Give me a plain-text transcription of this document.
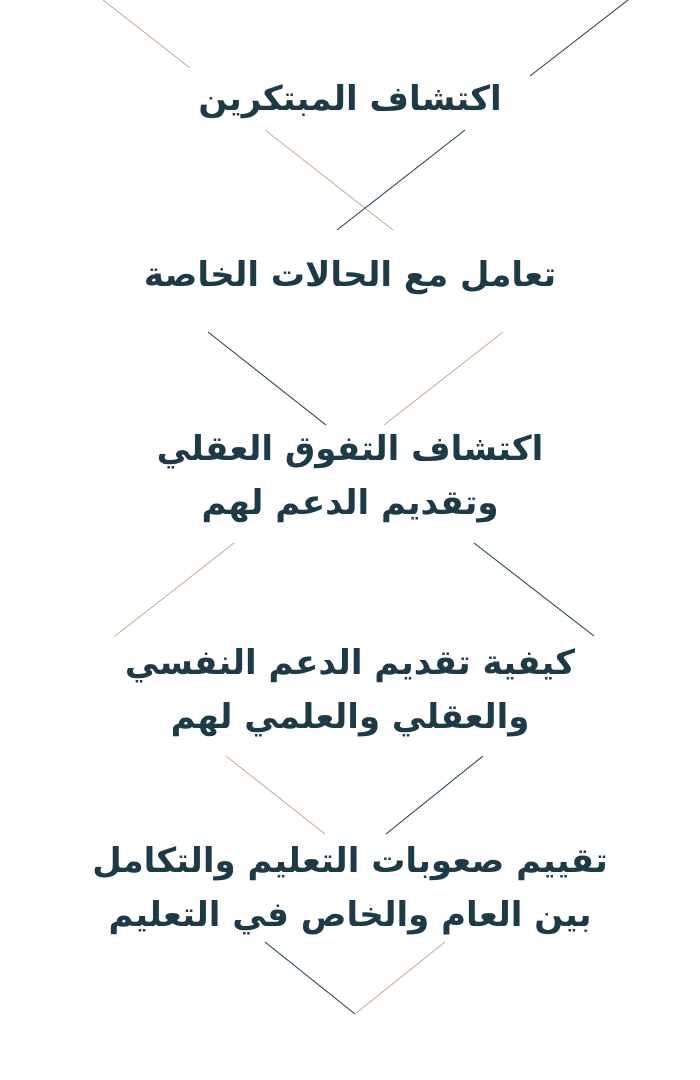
اكتشاف المبتكرين
تعامل مع الحالات الخاصة
اكتشاف التفوق العقلي
وتقديم الدعم لهم
كيفية تقديم الدعم النفسي
والعقلي والعلمي لهم
تقييم صعوبات التعليم والتكامل
بين العام والخاص في التعليم
